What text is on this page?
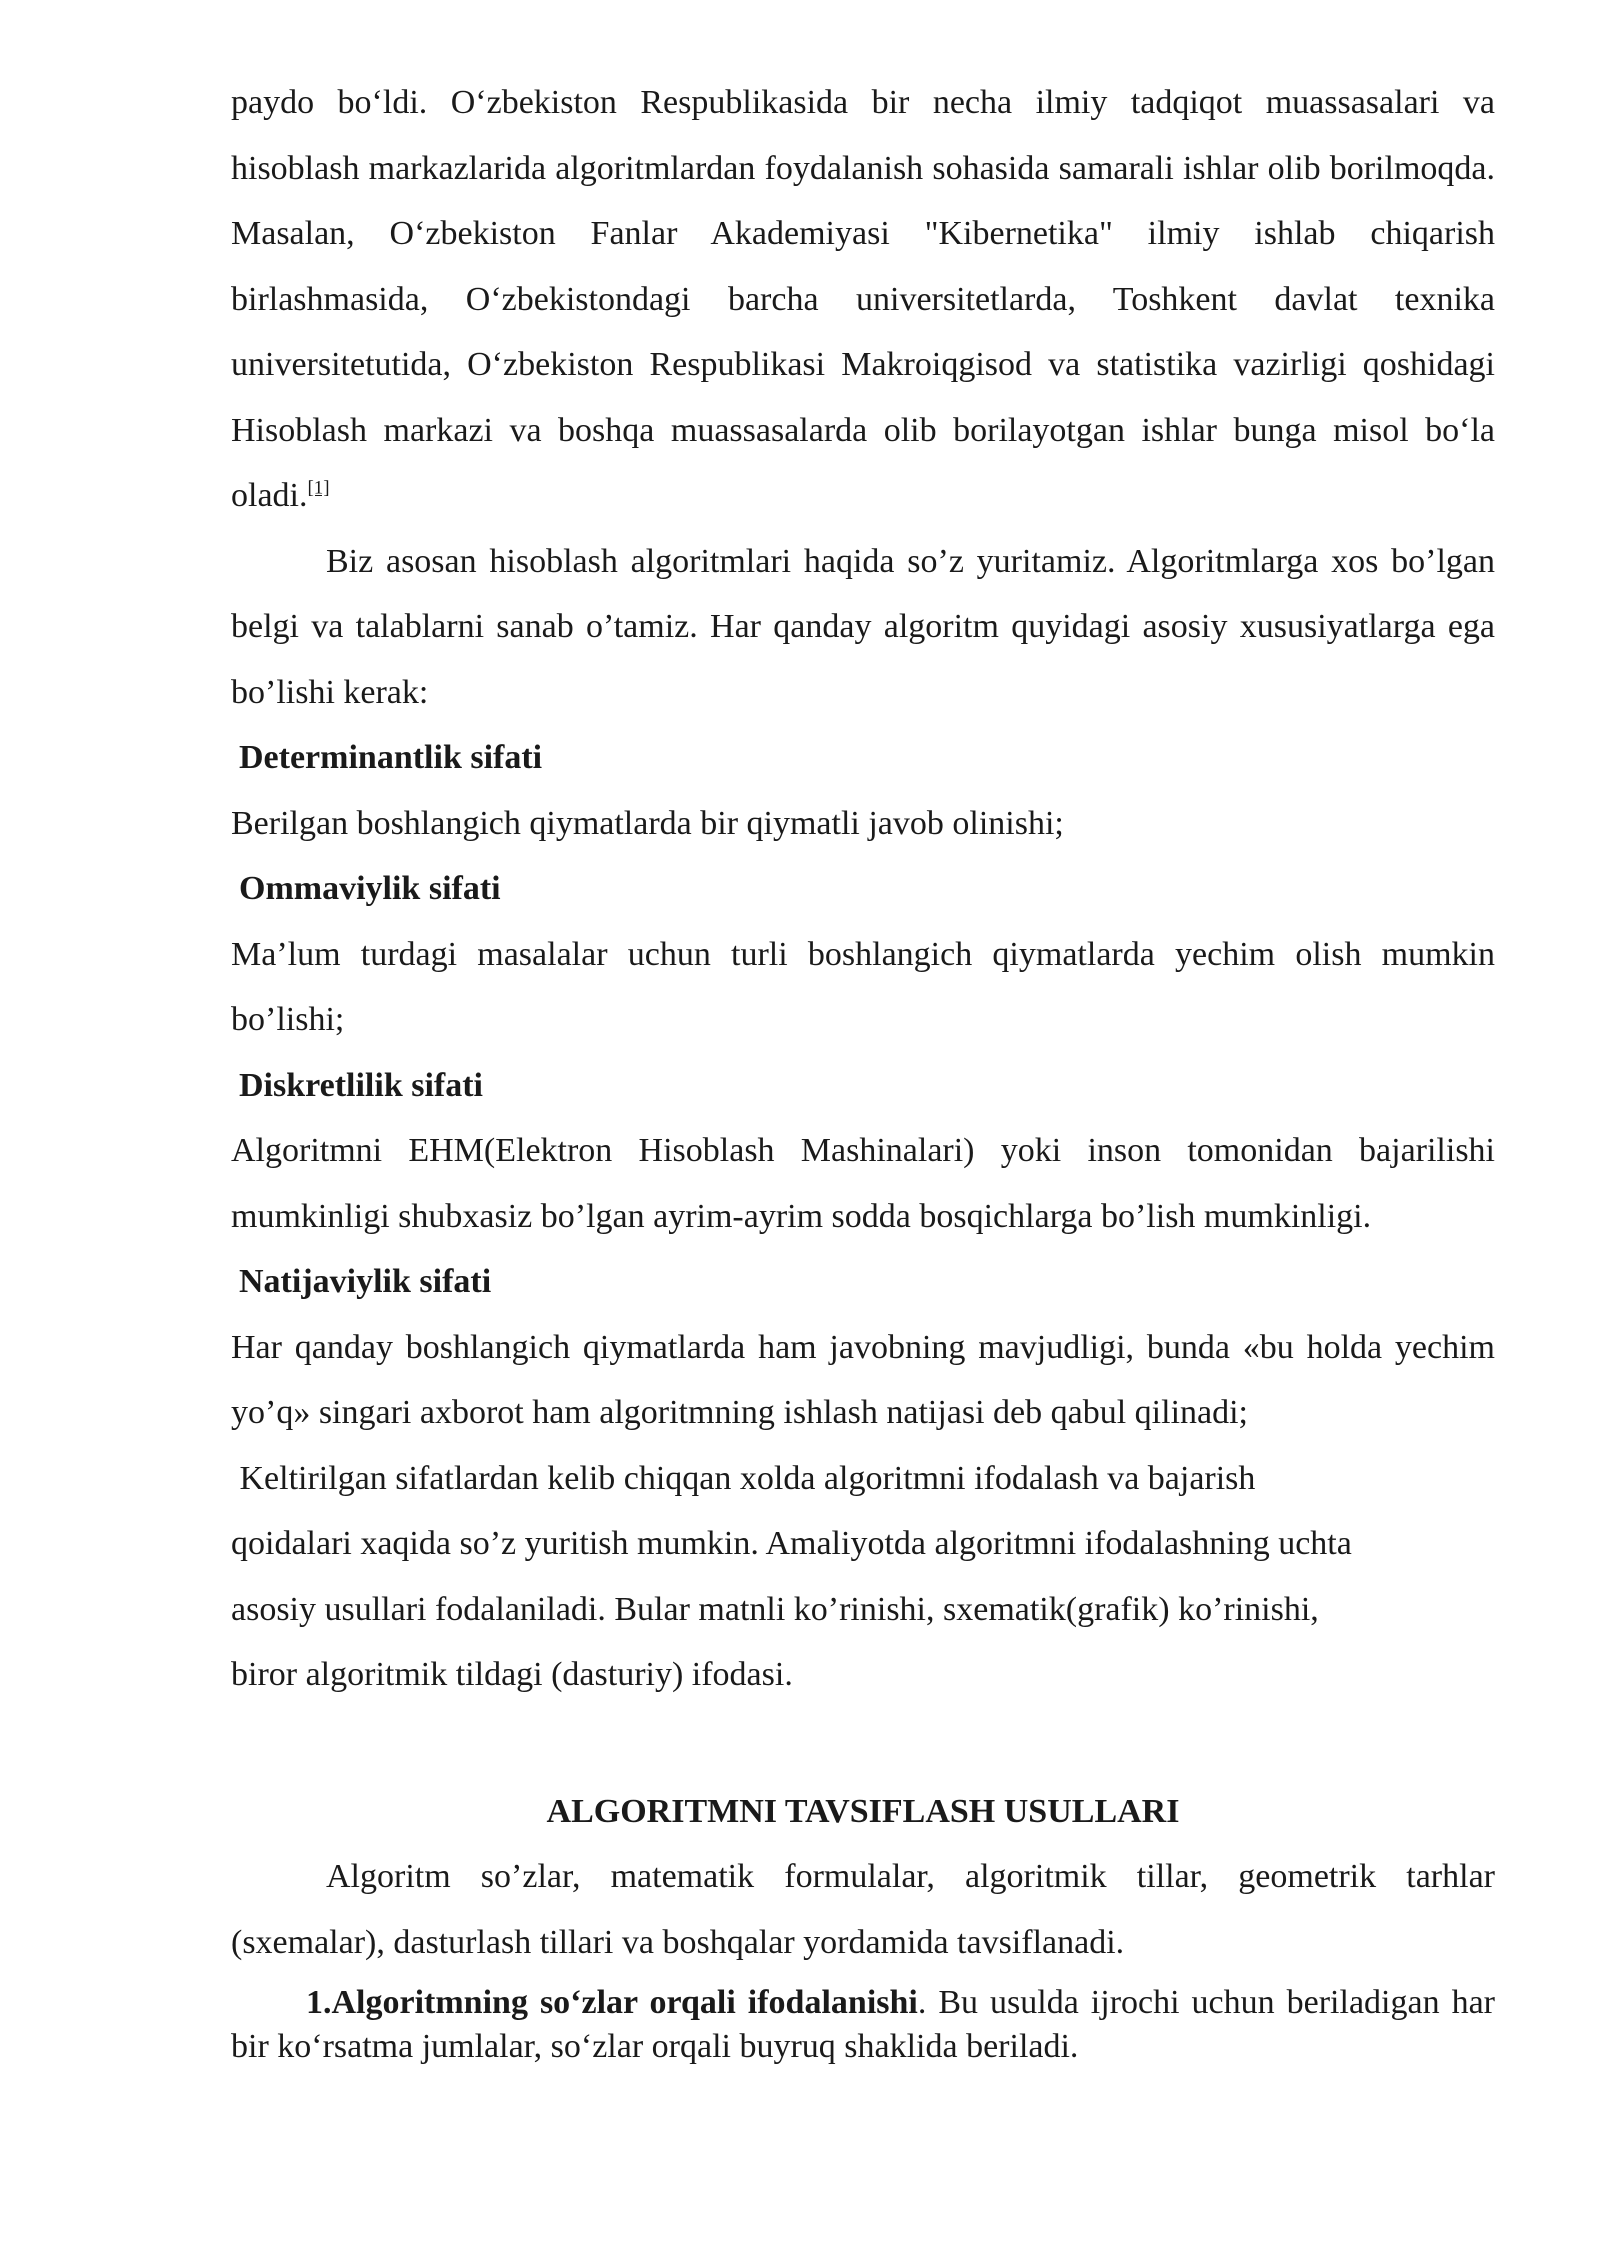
paydo boʻldi. Oʻzbekiston Respublikasida bir necha ilmiy tadqiqot muassasalari va hisoblash markazlarida algoritmlardan foydalanish sohasida samarali ishlar olib borilmoqda. Masalan, Oʻzbekiston Fanlar Akademiyasi "Kibernetika" ilmiy ishlab chiqarish birlashmasida, Oʻzbekistondagi barcha universitetlarda, Toshkent davlat texnika universitetutida, Oʻzbekiston Respublikasi Makroiqgisod va statistika vazirligi qoshidagi Hisoblash markazi va boshqa muassasalarda olib borilayotgan ishlar bunga misol boʻla oladi.[1]

Biz asosan hisoblash algoritmlari haqida so’z yuritamiz. Algoritmlarga xos bo’lgan belgi va talablarni sanab o’tamiz. Har qanday algoritm quyidagi asosiy xususiyatlarga ega bo’lishi kerak:

Determinantlik sifati

Berilgan boshlangich qiymatlarda bir qiymatli javob olinishi;

Ommaviylik sifati

Ma’lum turdagi masalalar uchun turli boshlangich qiymatlarda yechim olish mumkin bo’lishi;

Diskretlilik sifati

Algoritmni EHM(Elektron Hisoblash Mashinalari) yoki inson tomonidan bajarilishi mumkinligi shubxasiz bo’lgan ayrim-ayrim sodda bosqichlarga bo’lish mumkinligi.

Natijaviylik sifati

Har qanday boshlangich qiymatlarda ham javobning mavjudligi, bunda «bu holda yechim yo’q» singari axborot ham algoritmning ishlash natijasi deb qabul qilinadi;

Keltirilgan sifatlardan kelib chiqqan xolda algoritmni ifodalash va bajarish

qoidalari xaqida so’z yuritish mumkin. Amaliyotda algoritmni ifodalashning uchta

asosiy usullari fodalaniladi. Bular matnli ko’rinishi, sxematik(grafik) ko’rinishi,

biror algoritmik tildagi (dasturiy) ifodasi.

ALGORITMNI TAVSIFLASH USULLARI

Algoritm so’zlar, matematik formulalar, algoritmik tillar, geometrik tarhlar (sxemalar), dasturlash tillari va boshqalar yordamida tavsiflanadi.

1.Algoritmning soʻzlar orqali ifodalanishi. Bu usulda ijrochi uchun beriladigan har bir koʻrsatma jumlalar, soʻzlar orqali buyruq shaklida beriladi.
